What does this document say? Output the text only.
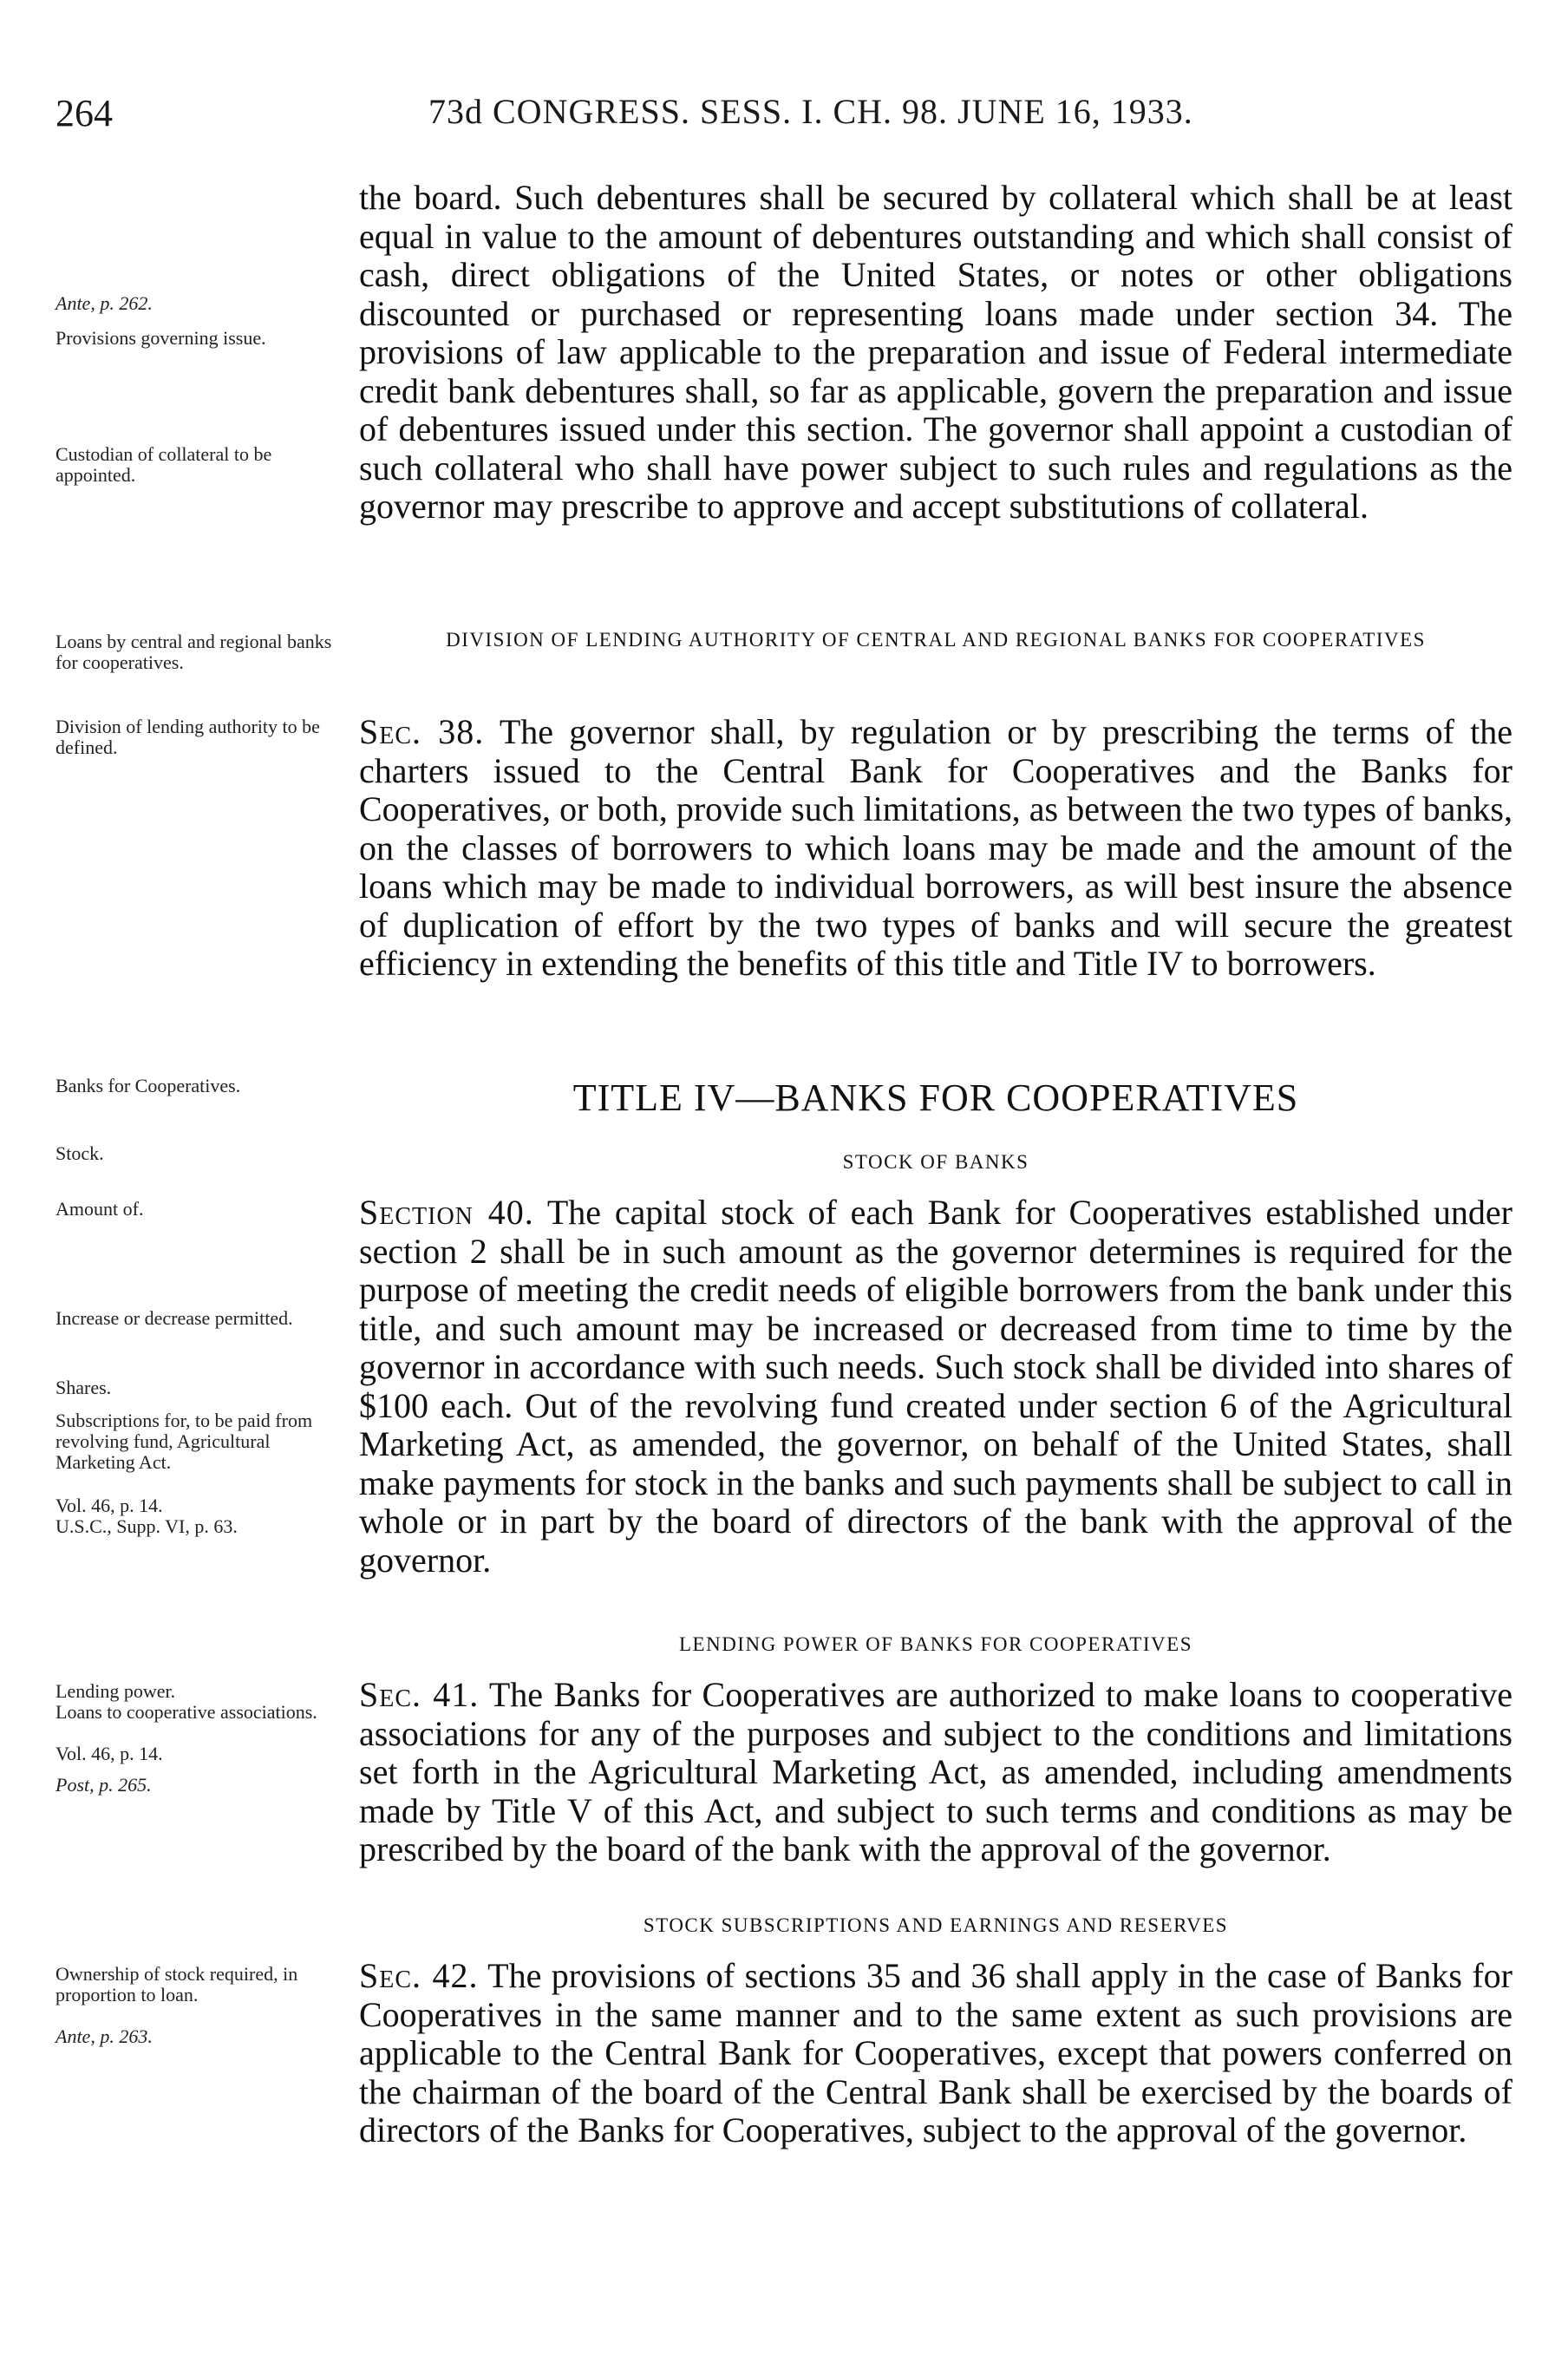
264	73d CONGRESS. SESS. I. CH. 98. JUNE 16, 1933.
Ante, p. 262.
Provisions governing issue.
Custodian of collateral to be appointed.
Loans by central and regional banks for cooperatives.
Division of lending authority to be defined.
Banks for Cooperatives.
Stock.
Amount of.
Increase or decrease permitted.
Shares.
Subscriptions for, to be paid from revolving fund, Agricultural Marketing Act.
Vol. 46, p. 14.
U.S.C., Supp. VI, p. 63.
Lending power.
Loans to cooperative associations.
Vol. 46, p. 14.
Post, p. 265.
Ownership of stock required, in proportion to loan.
Ante, p. 263.

the board. Such debentures shall be secured by collateral which shall be at least equal in value to the amount of debentures outstanding and which shall consist of cash, direct obligations of the United States, or notes or other obligations discounted or purchased or representing loans made under section 34. The provisions of law applicable to the preparation and issue of Federal intermediate credit bank debentures shall, so far as applicable, govern the preparation and issue of debentures issued under this section. The governor shall appoint a custodian of such collateral who shall have power subject to such rules and regulations as the governor may prescribe to approve and accept substitutions of collateral.

DIVISION OF LENDING AUTHORITY OF CENTRAL AND REGIONAL BANKS FOR COOPERATIVES

Sec. 38. The governor shall, by regulation or by prescribing the terms of the charters issued to the Central Bank for Cooperatives and the Banks for Cooperatives, or both, provide such limitations, as between the two types of banks, on the classes of borrowers to which loans may be made and the amount of the loans which may be made to individual borrowers, as will best insure the absence of duplication of effort by the two types of banks and will secure the greatest efficiency in extending the benefits of this title and Title IV to borrowers.

TITLE IV—BANKS FOR COOPERATIVES
STOCK OF BANKS

Section 40. The capital stock of each Bank for Cooperatives established under section 2 shall be in such amount as the governor determines is required for the purpose of meeting the credit needs of eligible borrowers from the bank under this title, and such amount may be increased or decreased from time to time by the governor in accordance with such needs. Such stock shall be divided into shares of $100 each. Out of the revolving fund created under section 6 of the Agricultural Marketing Act, as amended, the governor, on behalf of the United States, shall make payments for stock in the banks and such payments shall be subject to call in whole or in part by the board of directors of the bank with the approval of the governor.

LENDING POWER OF BANKS FOR COOPERATIVES

Sec. 41. The Banks for Cooperatives are authorized to make loans to cooperative associations for any of the purposes and subject to the conditions and limitations set forth in the Agricultural Marketing Act, as amended, including amendments made by Title V of this Act, and subject to such terms and conditions as may be prescribed by the board of the bank with the approval of the governor.

STOCK SUBSCRIPTIONS AND EARNINGS AND RESERVES

Sec. 42. The provisions of sections 35 and 36 shall apply in the case of Banks for Cooperatives in the same manner and to the same extent as such provisions are applicable to the Central Bank for Cooperatives, except that powers conferred on the chairman of the board of the Central Bank shall be exercised by the boards of directors of the Banks for Cooperatives, subject to the approval of the governor.
